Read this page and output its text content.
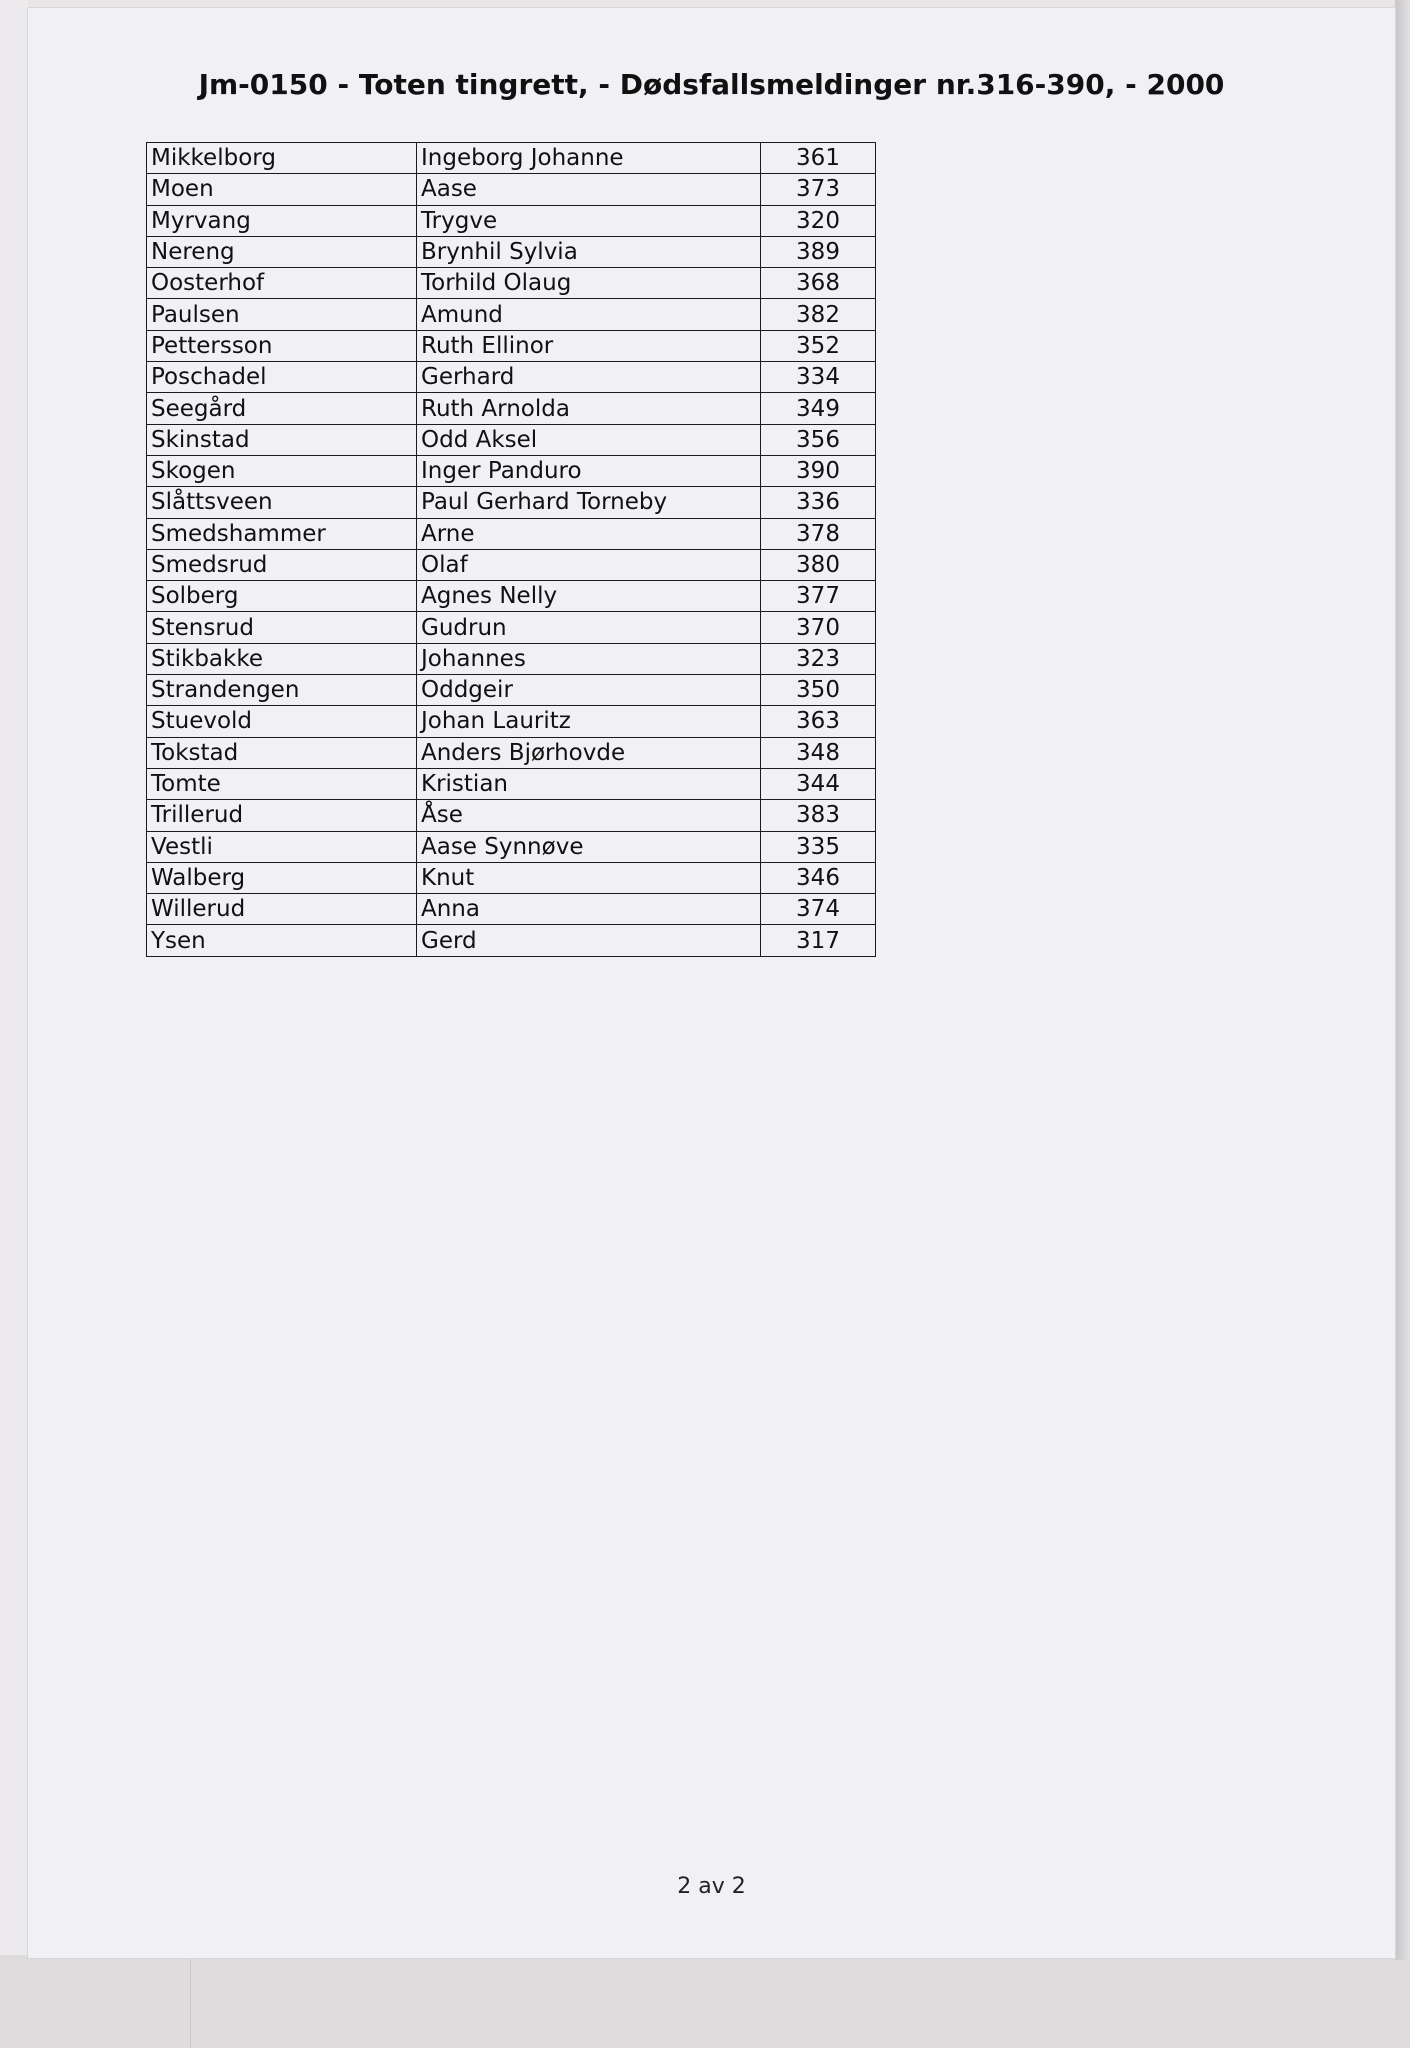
Jm-0150 - Toten tingrett, - Dødsfallsmeldinger nr.316-390, - 2000
Mikkelborg	Ingeborg Johanne	361
Moen	Aase	373
Myrvang	Trygve	320
Nereng	Brynhil Sylvia	389
Oosterhof	Torhild Olaug	368
Paulsen	Amund	382
Pettersson	Ruth Ellinor	352
Poschadel	Gerhard	334
Seegård	Ruth Arnolda	349
Skinstad	Odd Aksel	356
Skogen	Inger Panduro	390
Slåttsveen	Paul Gerhard Torneby	336
Smedshammer	Arne	378
Smedsrud	Olaf	380
Solberg	Agnes Nelly	377
Stensrud	Gudrun	370
Stikbakke	Johannes	323
Strandengen	Oddgeir	350
Stuevold	Johan Lauritz	363
Tokstad	Anders Bjørhovde	348
Tomte	Kristian	344
Trillerud	Åse	383
Vestli	Aase Synnøve	335
Walberg	Knut	346
Willerud	Anna	374
Ysen	Gerd	317
2 av 2
